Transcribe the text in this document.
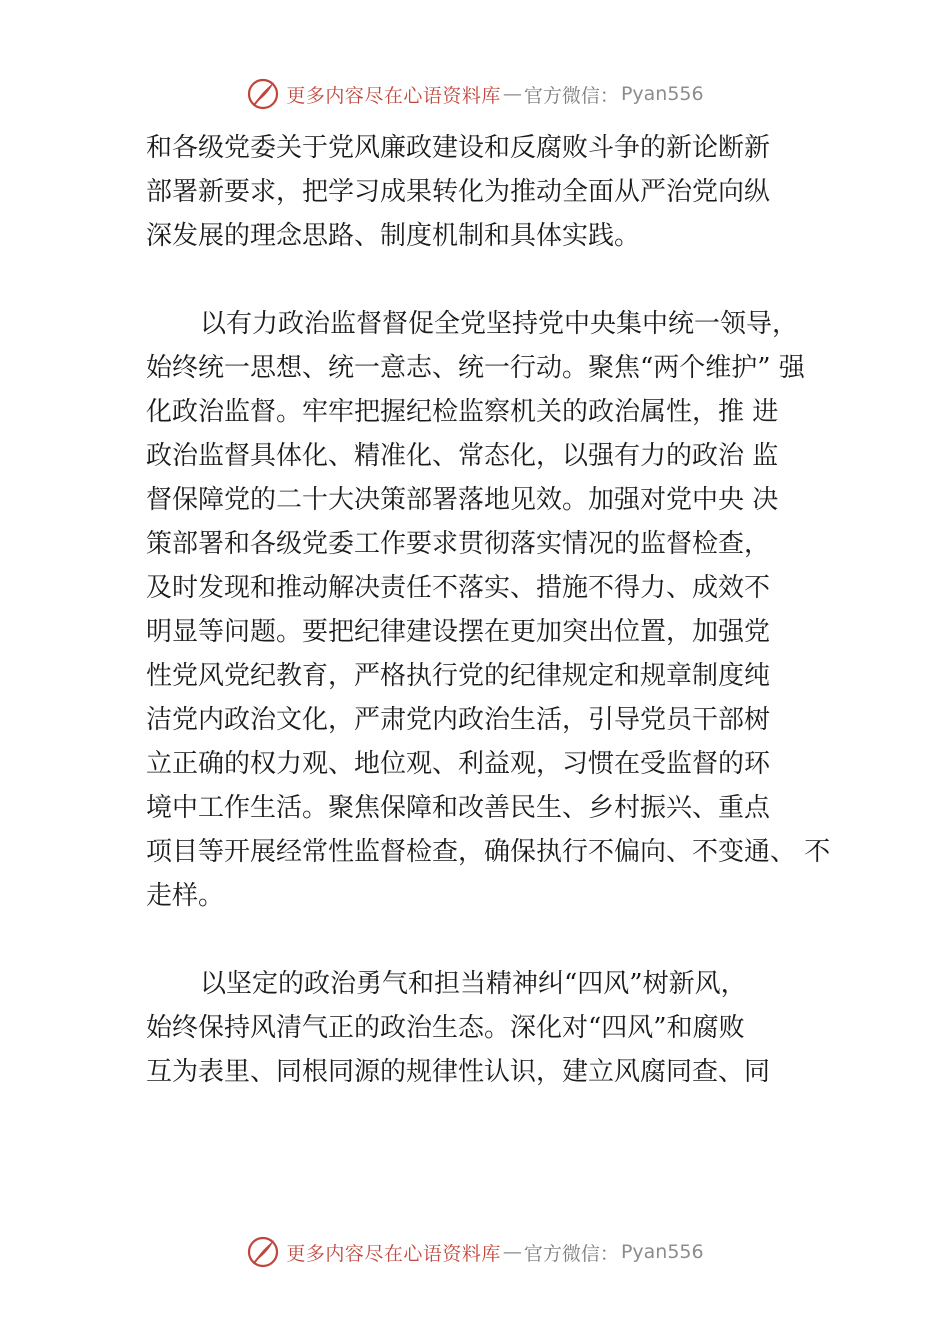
更多内容尽在心语资料库 — 官方微信： Pyan556

和各级党委关于党风廉政建设和反腐败斗争的新论断新
部署新要求，把学习成果转化为推动全面从严治党向纵
深发展的理念思路、制度机制和具体实践。

以有力政治监督督促全党坚持党中央集中统一领导，
始终统一思想、统一意志、统一行动。聚焦“两个维护” 强
化政治监督。牢牢把握纪检监察机关的政治属性，推 进
政治监督具体化、精准化、常态化，以强有力的政治 监
督保障党的二十大决策部署落地见效。加强对党中央 决
策部署和各级党委工作要求贯彻落实情况的监督检查，
及时发现和推动解决责任不落实、措施不得力、成效不
明显等问题。要把纪律建设摆在更加突出位置，加强党
性党风党纪教育，严格执行党的纪律规定和规章制度纯
洁党内政治文化，严肃党内政治生活，引导党员干部树
立正确的权力观、地位观、利益观，习惯在受监督的环
境中工作生活。聚焦保障和改善民生、乡村振兴、重点
项目等开展经常性监督检查，确保执行不偏向、不变通、 不
走样。

以坚定的政治勇气和担当精神纠“四风”树新风，
始终保持风清气正的政治生态。深化对“四风”和腐败
互为表里、同根同源的规律性认识，建立风腐同查、同

更多内容尽在心语资料库 — 官方微信： Pyan556
